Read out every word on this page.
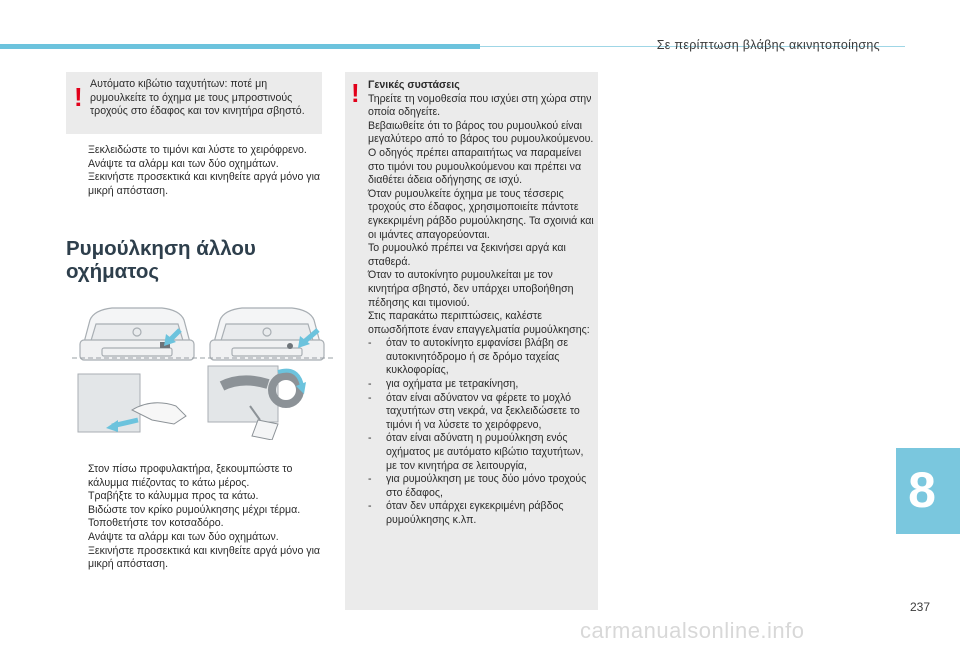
Σε περίπτωση βλάβης ακινητοποίησης
! Αυτόματο κιβώτιο ταχυτήτων: ποτέ μη ρυμουλκείτε το όχημα με τους μπροστινούς τροχούς στο έδαφος και τον κινητήρα σβηστό.
Ξεκλειδώστε το τιμόνι και λύστε το χειρόφρενο.
Ανάψτε τα αλάρμ και των δύο οχημάτων.
Ξεκινήστε προσεκτικά και κινηθείτε αργά μόνο για μικρή απόσταση.
Ρυμούλκηση άλλου οχήματος
Στον πίσω προφυλακτήρα, ξεκουμπώστε το κάλυμμα πιέζοντας το κάτω μέρος.
Τραβήξτε το κάλυμμα προς τα κάτω.
Βιδώστε τον κρίκο ρυμούλκησης μέχρι τέρμα.
Τοποθετήστε τον κοτσαδόρο.
Ανάψτε τα αλάρμ και των δύο οχημάτων.
Ξεκινήστε προσεκτικά και κινηθείτε αργά μόνο για μικρή απόσταση.
! Γενικές συστάσεις

Τηρείτε τη νομοθεσία που ισχύει στη χώρα στην οποία οδηγείτε.

Βεβαιωθείτε ότι το βάρος του ρυμουλκού είναι μεγαλύτερο από το βάρος του ρυμουλκούμενου.

Ο οδηγός πρέπει απαραιτήτως να παραμείνει στο τιμόνι του ρυμουλκούμενου και πρέπει να διαθέτει άδεια οδήγησης σε ισχύ.

Όταν ρυμουλκείτε όχημα με τους τέσσερις τροχούς στο έδαφος, χρησιμοποιείτε πάντοτε εγκεκριμένη ράβδο ρυμούλκησης. Τα σχοινιά και οι ιμάντες απαγορεύονται.

Το ρυμουλκό πρέπει να ξεκινήσει αργά και σταθερά.

Όταν το αυτοκίνητο ρυμουλκείται με τον κινητήρα σβηστό, δεν υπάρχει υποβοήθηση πέδησης και τιμονιού.

Στις παρακάτω περιπτώσεις, καλέστε οπωσδήποτε έναν επαγγελματία ρυμούλκησης:

- όταν το αυτοκίνητο εμφανίσει βλάβη σε αυτοκινητόδρομο ή σε δρόμο ταχείας κυκλοφορίας,
- για οχήματα με τετρακίνηση,
- όταν είναι αδύνατον να φέρετε το μοχλό ταχυτήτων στη νεκρά, να ξεκλειδώσετε το τιμόνι ή να λύσετε το χειρόφρενο,
- όταν είναι αδύνατη η ρυμούλκηση ενός οχήματος με αυτόματο κιβώτιο ταχυτήτων, με τον κινητήρα σε λειτουργία,
- για ρυμούλκηση με τους δύο μόνο τροχούς στο έδαφος,
- όταν δεν υπάρχει εγκεκριμένη ράβδος ρυμούλκησης κ.λπ.
8
237
carmanualsonline.info
